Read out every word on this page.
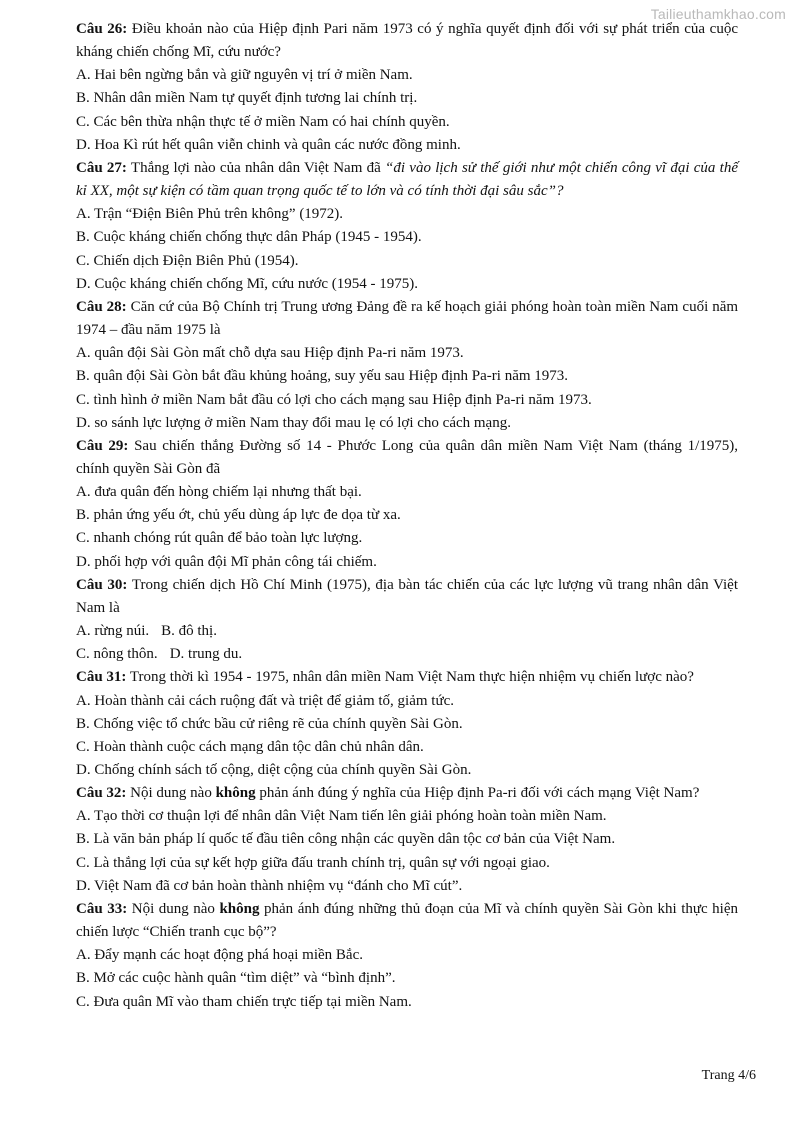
Tailieuthamkhao.com

Câu 26: Điều khoản nào của Hiệp định Pari năm 1973 có ý nghĩa quyết định đối với sự phát triển của cuộc kháng chiến chống Mĩ, cứu nước?

A. Hai bên ngừng bắn và giữ nguyên vị trí ở miền Nam.

B. Nhân dân miền Nam tự quyết định tương lai chính trị.

C. Các bên thừa nhận thực tế ở miền Nam có hai chính quyền.

D. Hoa Kì rút hết quân viễn chinh và quân các nước đồng minh.

Câu 27: Thắng lợi nào của nhân dân Việt Nam đã “đi vào lịch sử thế giới như một chiến công vĩ đại của thế kỉ XX, một sự kiện có tầm quan trọng quốc tế to lớn và có tính thời đại sâu sắc”?

A. Trận “Điện Biên Phủ trên không” (1972).

B. Cuộc kháng chiến chống thực dân Pháp (1945 - 1954).

C. Chiến dịch Điện Biên Phủ (1954).

D. Cuộc kháng chiến chống Mĩ, cứu nước (1954 - 1975).

Câu 28: Căn cứ của Bộ Chính trị Trung ương Đảng đề ra kế hoạch giải phóng hoàn toàn miền Nam cuối năm 1974 – đầu năm 1975 là

A. quân đội Sài Gòn mất chỗ dựa sau Hiệp định Pa-ri năm 1973.

B. quân đội Sài Gòn bắt đầu khủng hoảng, suy yếu sau Hiệp định Pa-ri năm 1973.

C. tình hình ở miền Nam bắt đầu có lợi cho cách mạng sau Hiệp định Pa-ri năm 1973.

D. so sánh lực lượng ở miền Nam thay đổi mau lẹ có lợi cho cách mạng.

Câu 29: Sau chiến thắng Đường số 14 - Phước Long của quân dân miền Nam Việt Nam (tháng 1/1975), chính quyền Sài Gòn đã

A. đưa quân đến hòng chiếm lại nhưng thất bại.

B. phản ứng yếu ớt, chủ yếu dùng áp lực đe dọa từ xa.

C. nhanh chóng rút quân để bảo toàn lực lượng.

D. phối hợp với quân đội Mĩ phản công tái chiếm.

Câu 30: Trong chiến dịch Hồ Chí Minh (1975), địa bàn tác chiến của các lực lượng vũ trang nhân dân Việt Nam là

A. rừng núi. B. đô thị.

C. nông thôn. D. trung du.

Câu 31: Trong thời kì 1954 - 1975, nhân dân miền Nam Việt Nam thực hiện nhiệm vụ chiến lược nào?

A. Hoàn thành cải cách ruộng đất và triệt để giảm tố, giảm tức.

B. Chống việc tổ chức bầu cử riêng rẽ của chính quyền Sài Gòn.

C. Hoàn thành cuộc cách mạng dân tộc dân chủ nhân dân.

D. Chống chính sách tố cộng, diệt cộng của chính quyền Sài Gòn.

Câu 32: Nội dung nào không phản ánh đúng ý nghĩa của Hiệp định Pa-ri đối với cách mạng Việt Nam?

A. Tạo thời cơ thuận lợi để nhân dân Việt Nam tiến lên giải phóng hoàn toàn miền Nam.

B. Là văn bản pháp lí quốc tế đầu tiên công nhận các quyền dân tộc cơ bản của Việt Nam.

C. Là thắng lợi của sự kết hợp giữa đấu tranh chính trị, quân sự với ngoại giao.

D. Việt Nam đã cơ bản hoàn thành nhiệm vụ “đánh cho Mĩ cút”.

Câu 33: Nội dung nào không phản ánh đúng những thủ đoạn của Mĩ và chính quyền Sài Gòn khi thực hiện chiến lược “Chiến tranh cục bộ”?

A. Đẩy mạnh các hoạt động phá hoại miền Bắc.

B. Mở các cuộc hành quân “tìm diệt” và “bình định”.

C. Đưa quân Mĩ vào tham chiến trực tiếp tại miền Nam.

Trang 4/6
